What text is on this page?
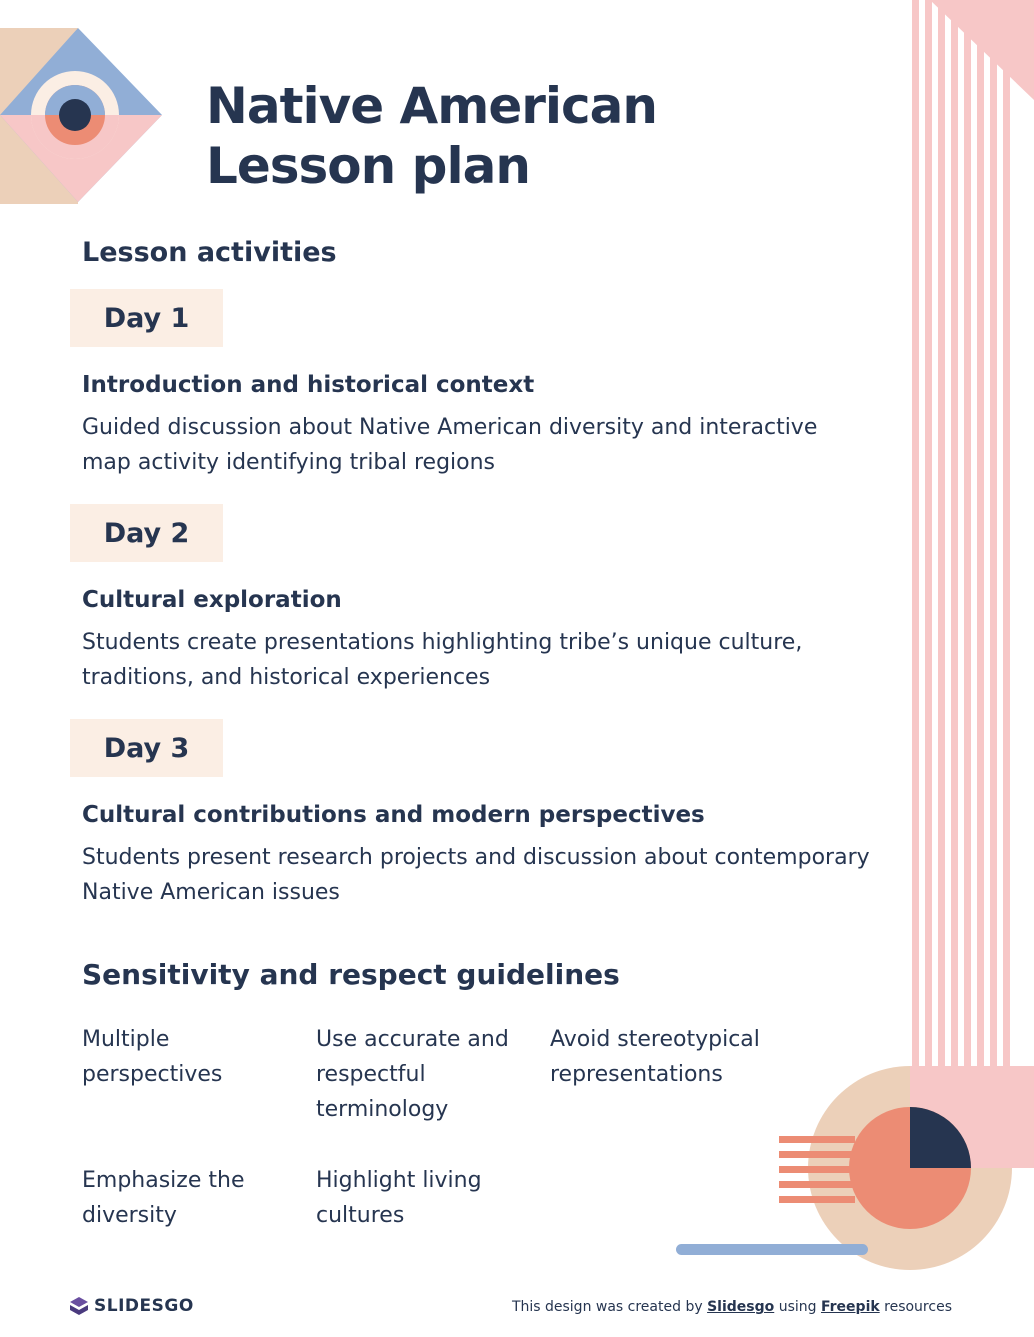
Native American
Lesson plan
Lesson activities
Day 1
Introduction and historical context

Guided discussion about Native American diversity and interactive map activity identifying tribal regions

Day 2
Cultural exploration

Students create presentations highlighting tribe’s unique culture, traditions, and historical experiences

Day 3
Cultural contributions and modern perspectives

Students present research projects and discussion about contemporary Native American issues

Sensitivity and respect guidelines

Multiple perspectives

Use accurate and respectful terminology

Avoid stereotypical representations

Emphasize the diversity

Highlight living cultures

SLIDESGO	This design was created by Slidesgo using Freepik resources
